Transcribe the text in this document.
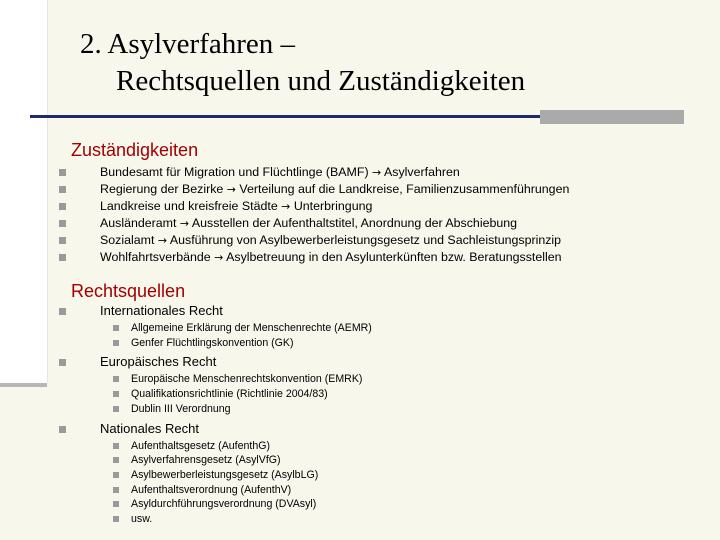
2. Asylverfahren –
Rechtsquellen und Zuständigkeiten
Zuständigkeiten
Bundesamt für Migration und Flüchtlinge (BAMF) → Asylverfahren
Regierung der Bezirke → Verteilung auf die Landkreise, Familienzusammenführungen
Landkreise und kreisfreie Städte → Unterbringung
Ausländeramt → Ausstellen der Aufenthaltstitel, Anordnung der Abschiebung
Sozialamt → Ausführung von Asylbewerberleistungsgesetz und Sachleistungsprinzip
Wohlfahrtsverbände → Asylbetreuung in den Asylunterkünften bzw. Beratungsstellen
Rechtsquellen
Internationales Recht
Allgemeine Erklärung der Menschenrechte (AEMR)
Genfer Flüchtlingskonvention (GK)
Europäisches Recht
Europäische Menschenrechtskonvention (EMRK)
Qualifikationsrichtlinie (Richtlinie 2004/83)
Dublin III Verordnung
Nationales Recht
Aufenthaltsgesetz (AufenthG)
Asylverfahrensgesetz (AsylVfG)
Asylbewerberleistungsgesetz (AsylbLG)
Aufenthaltsverordnung (AufenthV)
Asyldurchführungsverordnung (DVAsyl)
usw.
